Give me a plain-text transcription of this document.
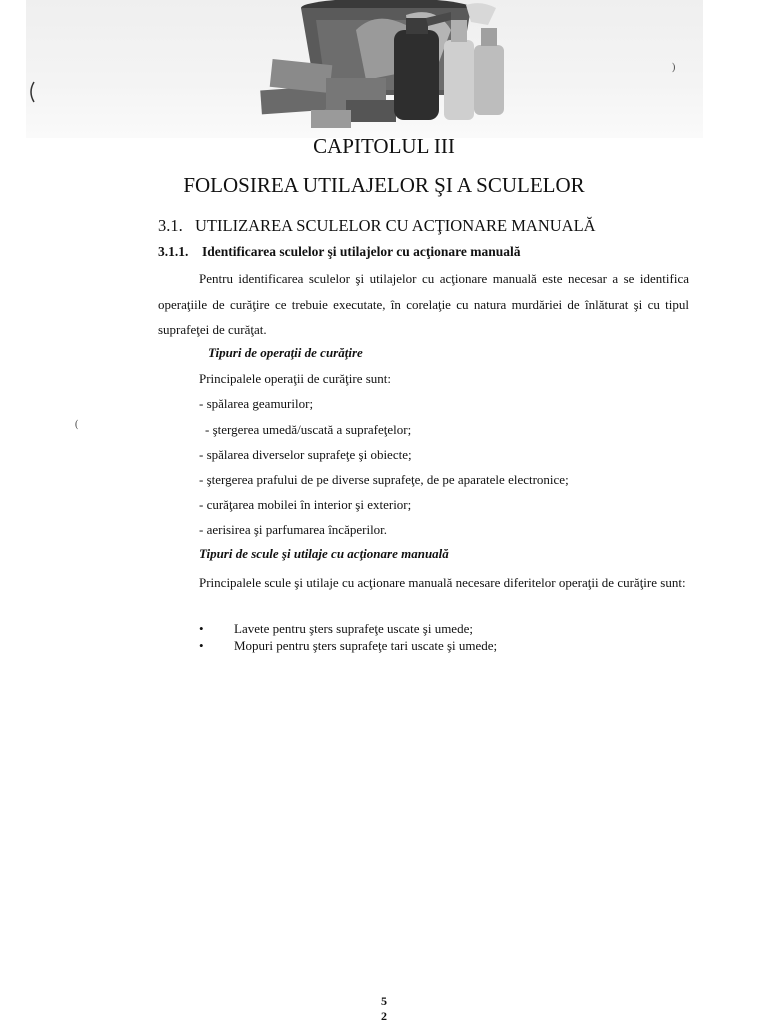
)
CAPITOLUL III
FOLOSIREA UTILAJELOR ŞI A SCULELOR
3.1. UTILIZAREA SCULELOR CU ACŢIONARE MANUALĂ
3.1.1. Identificarea sculelor şi utilajelor cu acţionare manuală

Pentru identificarea sculelor şi utilajelor cu acţionare manuală este necesar a se identifica operaţiile de curăţire ce trebuie executate, în corelaţie cu natura murdăriei de înlăturat şi cu tipul suprafeţei de curăţat.

Tipuri de operaţii de curăţire

Principalele operaţii de curăţire sunt:

- spălarea geamurilor;

(	- ştergerea umedă/uscată a suprafeţelor;

- spălarea diverselor suprafeţe şi obiecte;

- ştergerea prafului de pe diverse suprafeţe, de pe aparatele electronice;

- curăţarea mobilei în interior şi exterior;

- aerisirea şi parfumarea încăperilor.

Tipuri de scule şi utilaje cu acţionare manuală

Principalele scule şi utilaje cu acţionare manuală necesare diferitelor operaţii de curăţire sunt:

•	Lavete pentru şters suprafeţe uscate şi umede;
•	Mopuri pentru şters suprafeţe tari uscate şi umede;
5
2
